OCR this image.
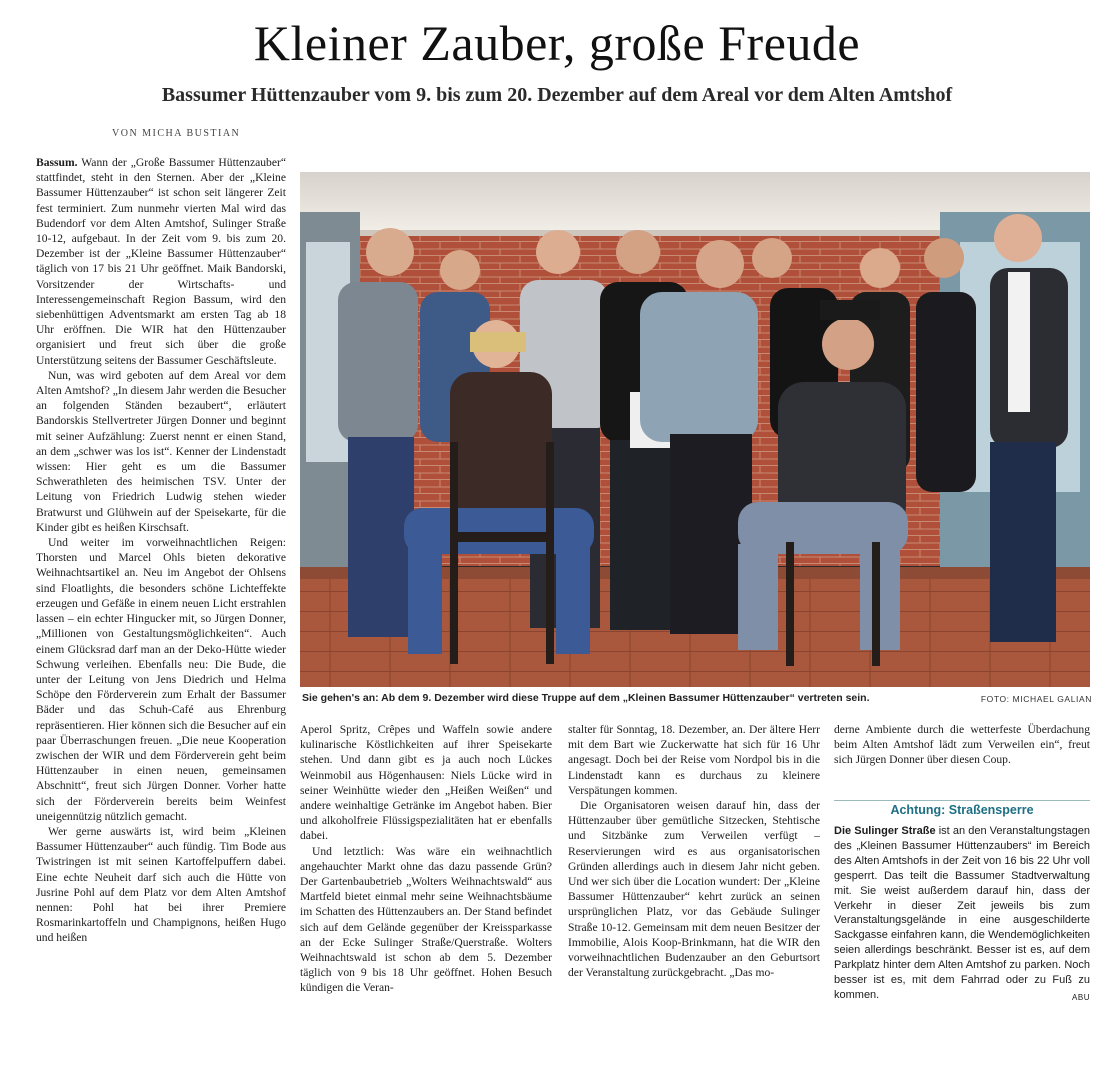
Kleiner Zauber, große Freude
Bassumer Hüttenzauber vom 9. bis zum 20. Dezember auf dem Areal vor dem Alten Amtshof
VON MICHA BUSTIAN

Bassum. Wann der „Große Bassumer Hüttenzauber“ stattfindet, steht in den Sternen. Aber der „Kleine Bassumer Hüttenzauber“ ist schon seit längerer Zeit fest terminiert. Zum nunmehr vierten Mal wird das Budendorf vor dem Alten Amtshof, Sulinger Straße 10-12, aufgebaut. In der Zeit vom 9. bis zum 20. Dezember ist der „Kleine Bassumer Hüttenzauber“ täglich von 17 bis 21 Uhr geöffnet. Maik Bandorski, Vorsitzender der Wirtschafts- und Interessengemeinschaft Region Bassum, wird den siebenhüttigen Adventsmarkt am ersten Tag ab 18 Uhr eröffnen. Die WIR hat den Hüttenzauber organisiert und freut sich über die große Unterstützung seitens der Bassumer Geschäftsleute.

Nun, was wird geboten auf dem Areal vor dem Alten Amtshof? „In diesem Jahr werden die Besucher an folgenden Ständen bezaubert“, erläutert Bandorskis Stellvertreter Jürgen Donner und beginnt mit seiner Aufzählung: Zuerst nennt er einen Stand, an dem „schwer was los ist“. Kenner der Lindenstadt wissen: Hier geht es um die Bassumer Schwerathleten des heimischen TSV. Unter der Leitung von Friedrich Ludwig stehen wieder Bratwurst und Glühwein auf der Speisekarte, für die Kinder gibt es heißen Kirschsaft.

Und weiter im vorweihnachtlichen Reigen: Thorsten und Marcel Ohls bieten dekorative Weihnachtsartikel an. Neu im Angebot der Ohlsens sind Floatlights, die besonders schöne Lichteffekte erzeugen und Gefäße in einem neuen Licht erstrahlen lassen – ein echter Hingucker mit, so Jürgen Donner, „Millionen von Gestaltungsmöglichkeiten“. Auch einem Glücksrad darf man an der Deko-Hütte wieder Schwung verleihen. Ebenfalls neu: Die Bude, die unter der Leitung von Jens Diedrich und Helma Schöpe den Förderverein zum Erhalt der Bassumer Bäder und das Schuh-Café aus Ehrenburg repräsentieren. Hier können sich die Besucher auf ein paar Überraschungen freuen. „Die neue Kooperation zwischen der WIR und dem Förderverein geht beim Hüttenzauber in einen neuen, gemeinsamen Abschnitt“, freut sich Jürgen Donner. Vorher hatte sich der Förderverein bereits beim Weinfest uneigennützig nützlich gemacht.

Wer gerne auswärts ist, wird beim „Kleinen Bassumer Hüttenzauber“ auch fündig. Tim Bode aus Twistringen ist mit seinen Kartoffelpuffern dabei. Eine echte Neuheit darf sich auch die Hütte von Jusrine Pohl auf dem Platz vor dem Alten Amtshof nennen: Pohl hat bei ihrer Premiere Rosmarinkartoffeln und Champignons, heißen Hugo und heißen

Sie gehen's an: Ab dem 9. Dezember wird diese Truppe auf dem „Kleinen Bassumer Hüttenzauber“ vertreten sein.	FOTO: MICHAEL GALIAN

Aperol Spritz, Crêpes und Waffeln sowie andere kulinarische Köstlichkeiten auf ihrer Speisekarte stehen. Und dann gibt es ja auch noch Lückes Weinmobil aus Högenhausen: Niels Lücke wird in seiner Weinhütte wieder den „Heißen Weißen“ und andere weinhaltige Getränke im Angebot haben. Bier und alkoholfreie Flüssigspezialitäten hat er ebenfalls dabei.

Und letztlich: Was wäre ein weihnachtlich angehauchter Markt ohne das dazu passende Grün? Der Gartenbaubetrieb „Wolters Weihnachtswald“ aus Martfeld bietet einmal mehr seine Weihnachtsbäume im Schatten des Hüttenzaubers an. Der Stand befindet sich auf dem Gelände gegenüber der Kreissparkasse an der Ecke Sulinger Straße/Querstraße. Wolters Weihnachtswald ist schon ab dem 5. Dezember täglich von 9 bis 18 Uhr geöffnet. Hohen Besuch kündigen die Veran-

stalter für Sonntag, 18. Dezember, an. Der ältere Herr mit dem Bart wie Zuckerwatte hat sich für 16 Uhr angesagt. Doch bei der Reise vom Nordpol bis in die Lindenstadt kann es durchaus zu kleinere Verspätungen kommen.

Die Organisatoren weisen darauf hin, dass der Hüttenzauber über gemütliche Sitzecken, Stehtische und Sitzbänke zum Verweilen verfügt – Reservierungen wird es aus organisatorischen Gründen allerdings auch in diesem Jahr nicht geben. Und wer sich über die Location wundert: Der „Kleine Bassumer Hüttenzauber“ kehrt zurück an seinen ursprünglichen Platz, vor das Gebäude Sulinger Straße 10-12. Gemeinsam mit dem neuen Besitzer der Immobilie, Alois Koop-Brinkmann, hat die WIR den vorweihnachtlichen Budenzauber an den Geburtsort der Veranstaltung zurückgebracht. „Das mo-

derne Ambiente durch die wetterfeste Überdachung beim Alten Amtshof lädt zum Verweilen ein“, freut sich Jürgen Donner über diesen Coup.

Achtung: Straßensperre
Die Sulinger Straße ist an den Veranstaltungstagen des „Kleinen Bassumer Hüttenzaubers“ im Bereich des Alten Amtshofs in der Zeit von 16 bis 22 Uhr voll gesperrt. Das teilt die Bassumer Stadtverwaltung mit. Sie weist außerdem darauf hin, dass der Verkehr in dieser Zeit jeweils bis zum Veranstaltungsgelände in eine ausgeschilderte Sackgasse einfahren kann, die Wendemöglichkeiten seien allerdings beschränkt. Besser ist es, auf dem Parkplatz hinter dem Alten Amtshof zu parken. Noch besser ist es, mit dem Fahrrad oder zu Fuß zu kommen.	ABU
